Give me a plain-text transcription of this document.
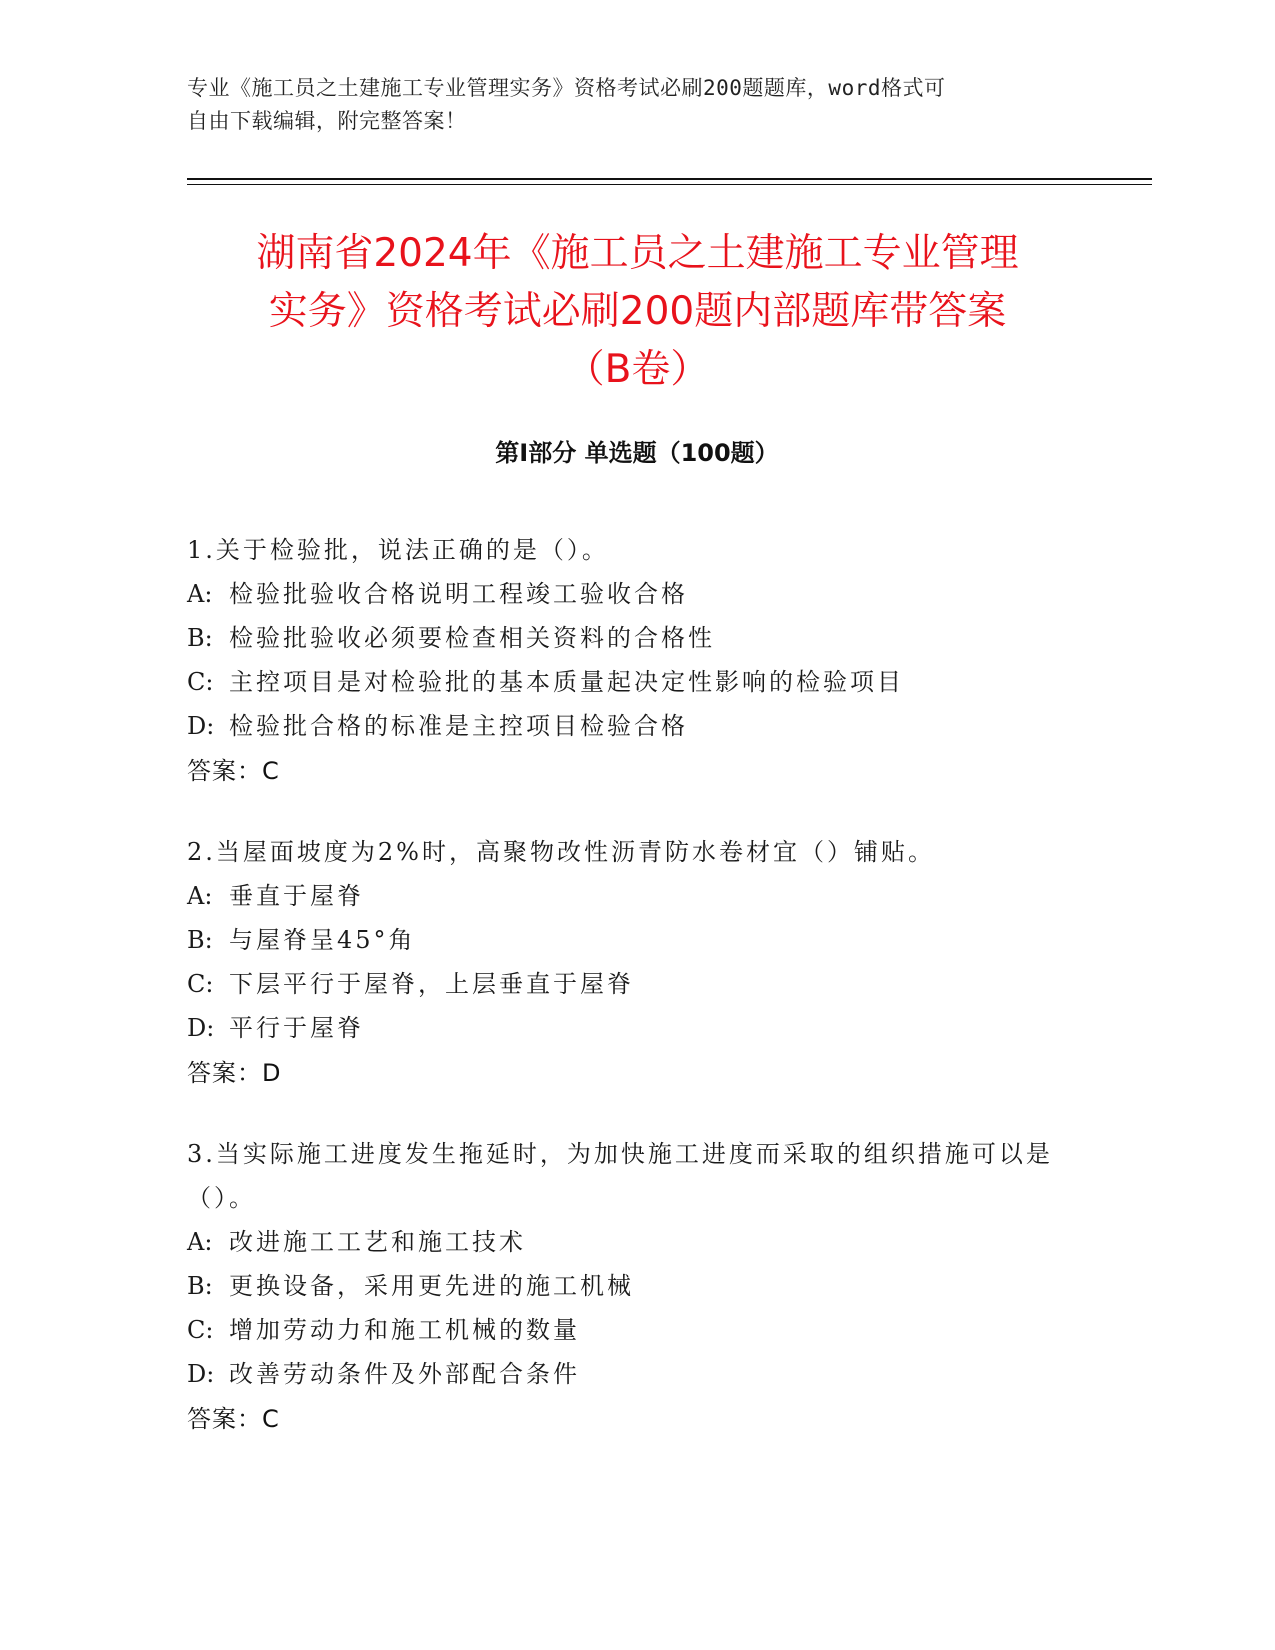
专业《施工员之土建施工专业管理实务》资格考试必刷200题题库，word格式可
自由下载编辑，附完整答案！
湖南省2024年《施工员之土建施工专业管理
实务》资格考试必刷200题内部题库带答案
（B卷）
第I部分 单选题（100题）
1.关于检验批，说法正确的是（）。
A: 检验批验收合格说明工程竣工验收合格
B: 检验批验收必须要检查相关资料的合格性
C: 主控项目是对检验批的基本质量起决定性影响的检验项目
D: 检验批合格的标准是主控项目检验合格
答案：C
2.当屋面坡度为2%时，高聚物改性沥青防水卷材宜（）铺贴。
A: 垂直于屋脊
B: 与屋脊呈45°角
C: 下层平行于屋脊，上层垂直于屋脊
D: 平行于屋脊
答案：D
3.当实际施工进度发生拖延时，为加快施工进度而采取的组织措施可以是（）。
A: 改进施工工艺和施工技术
B: 更换设备，采用更先进的施工机械
C: 增加劳动力和施工机械的数量
D: 改善劳动条件及外部配合条件
答案：C
